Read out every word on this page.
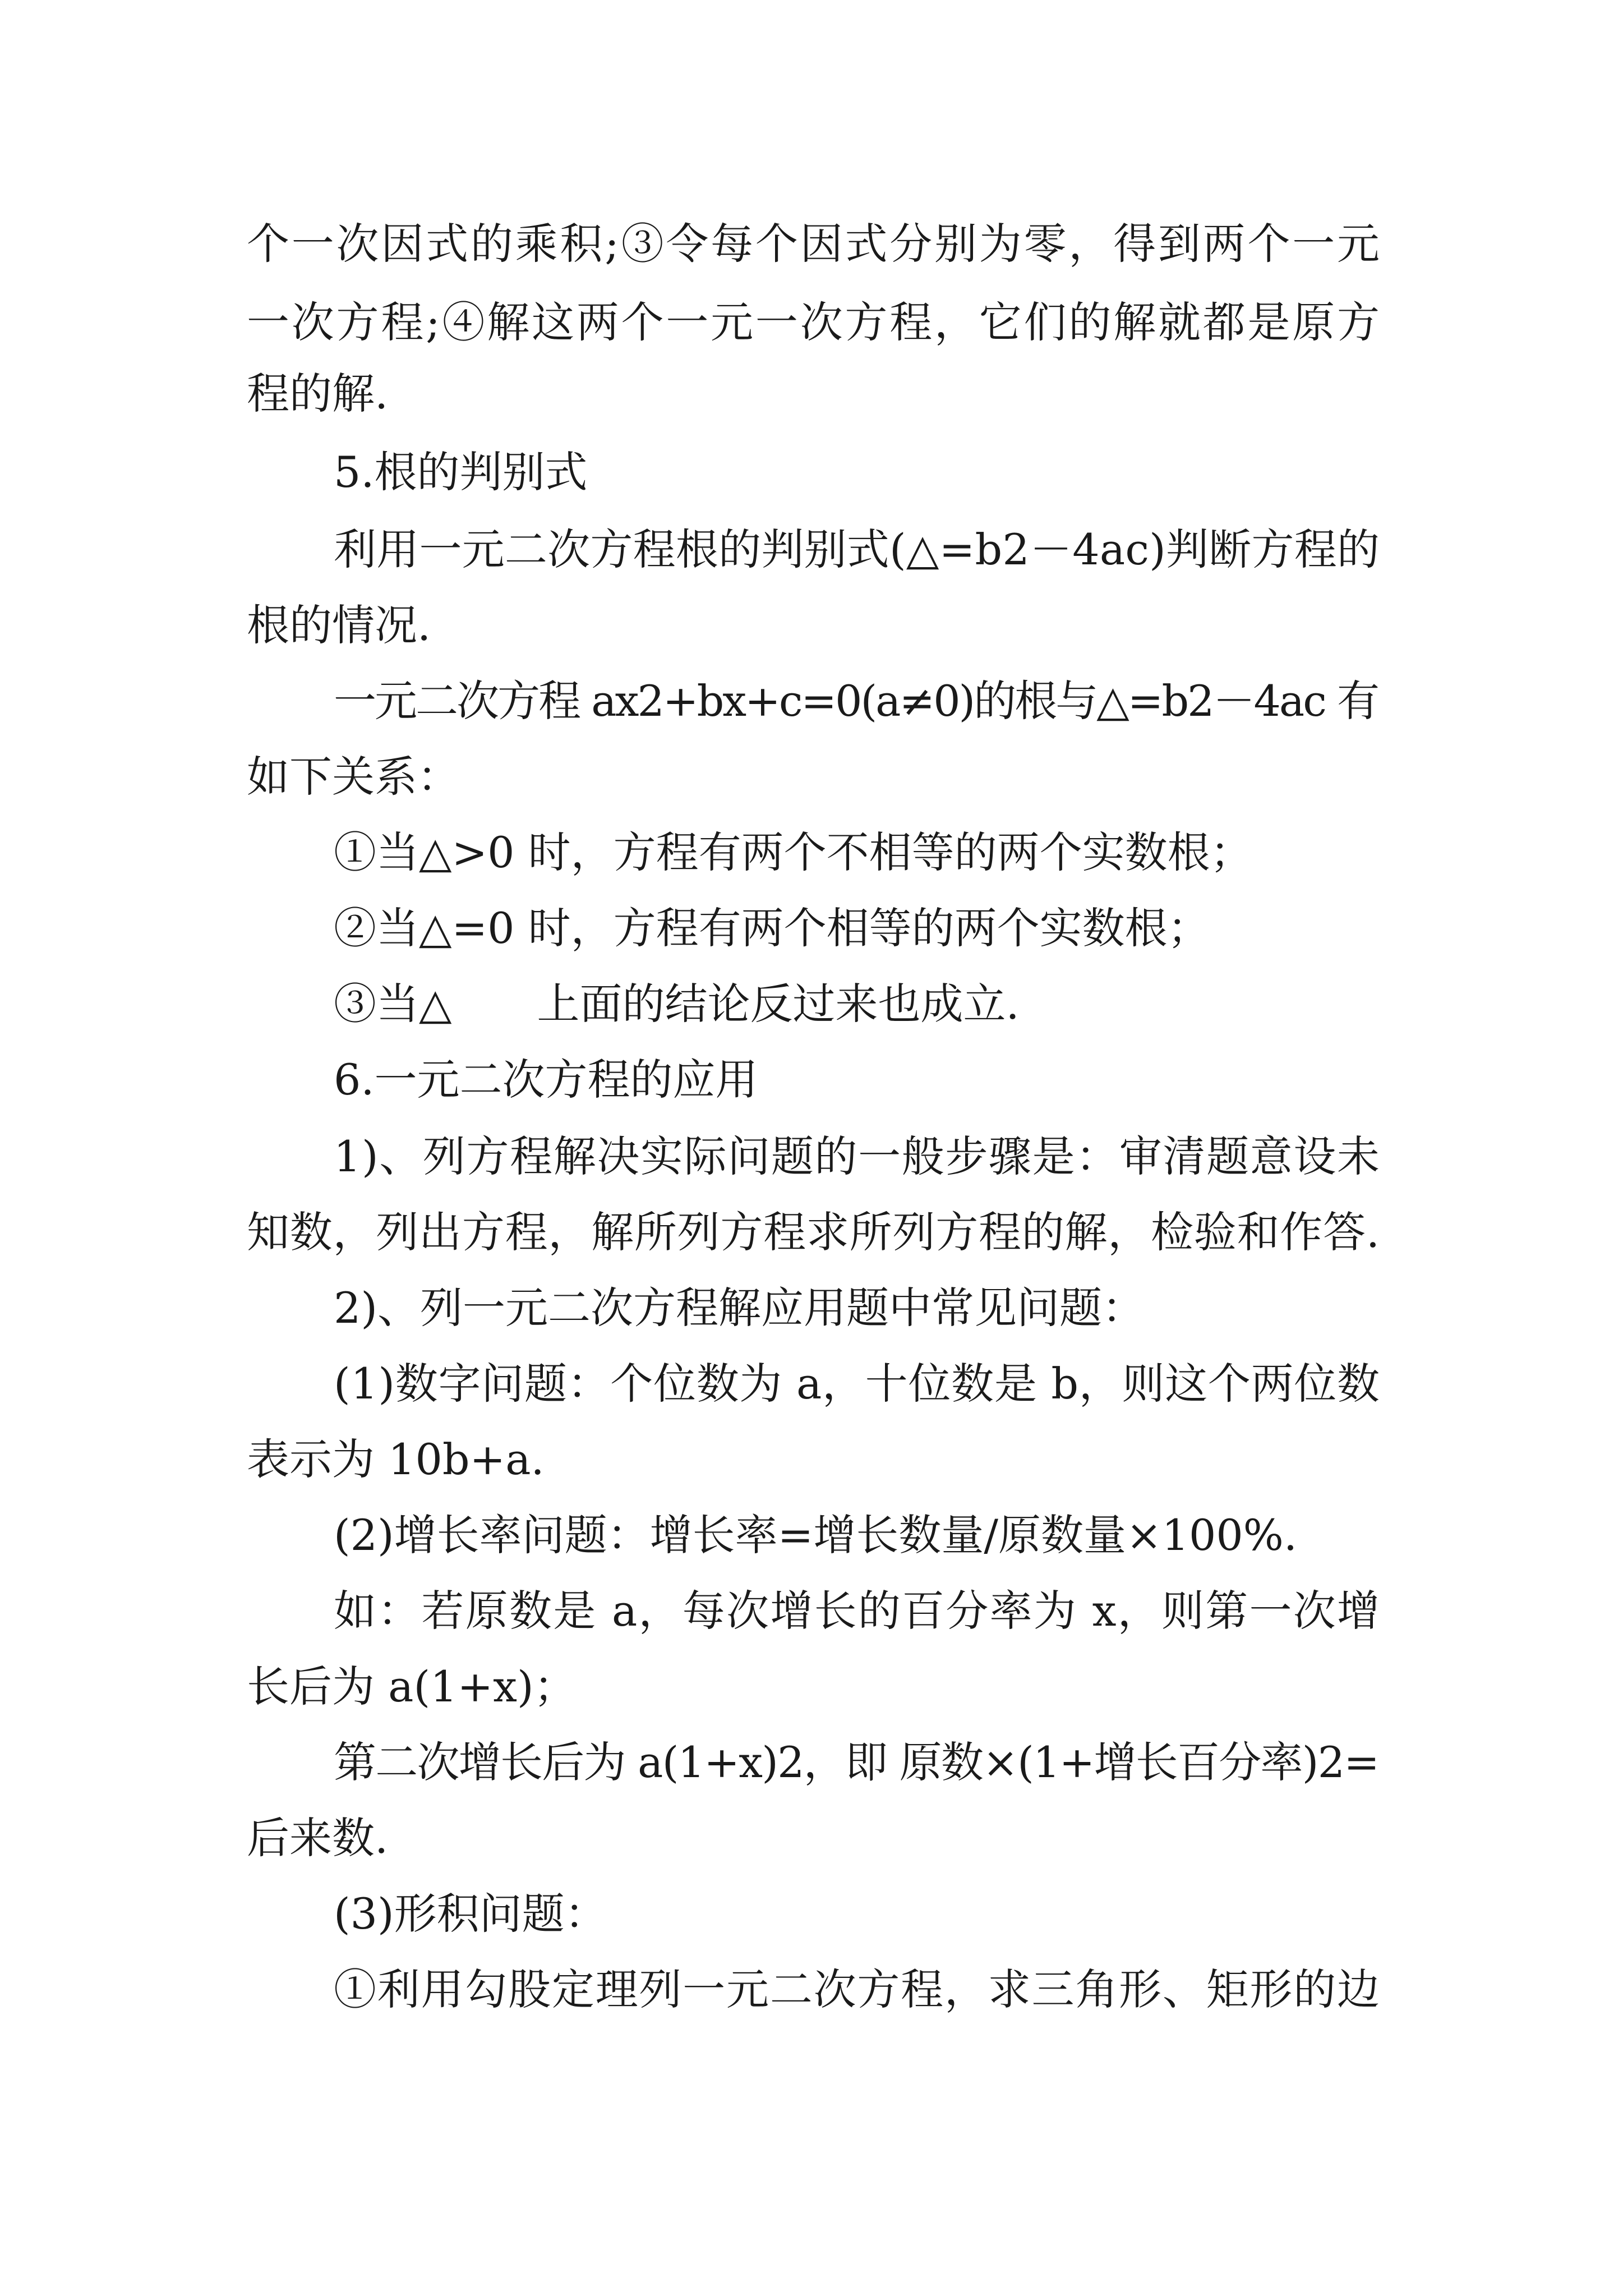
个一次因式的乘积;③令每个因式分别为零，得到两个一元
一次方程;④解这两个一元一次方程，它们的解就都是原方
程的解.
5.根的判别式
利用一元二次方程根的判别式(△=b2－4ac)判断方程的
根的情况.
一元二次方程 ax2+bx+c=0(a≠0)的根与△=b2－4ac 有
如下关系：
①当△>0 时，方程有两个不相等的两个实数根；
②当△=0 时，方程有两个相等的两个实数根；
③当△　　上面的结论反过来也成立.
6.一元二次方程的应用
1)、列方程解决实际问题的一般步骤是：审清题意设未
知数，列出方程，解所列方程求所列方程的解，检验和作答.
2)、列一元二次方程解应用题中常见问题：
(1)数字问题：个位数为 a，十位数是 b，则这个两位数
表示为 10b+a.
(2)增长率问题：增长率=增长数量/原数量×100%.
如：若原数是 a，每次增长的百分率为 x，则第一次增
长后为 a(1+x)；
第二次增长后为 a(1+x)2，即 原数×(1+增长百分率)2=
后来数.
(3)形积问题：
①利用勾股定理列一元二次方程，求三角形、矩形的边
